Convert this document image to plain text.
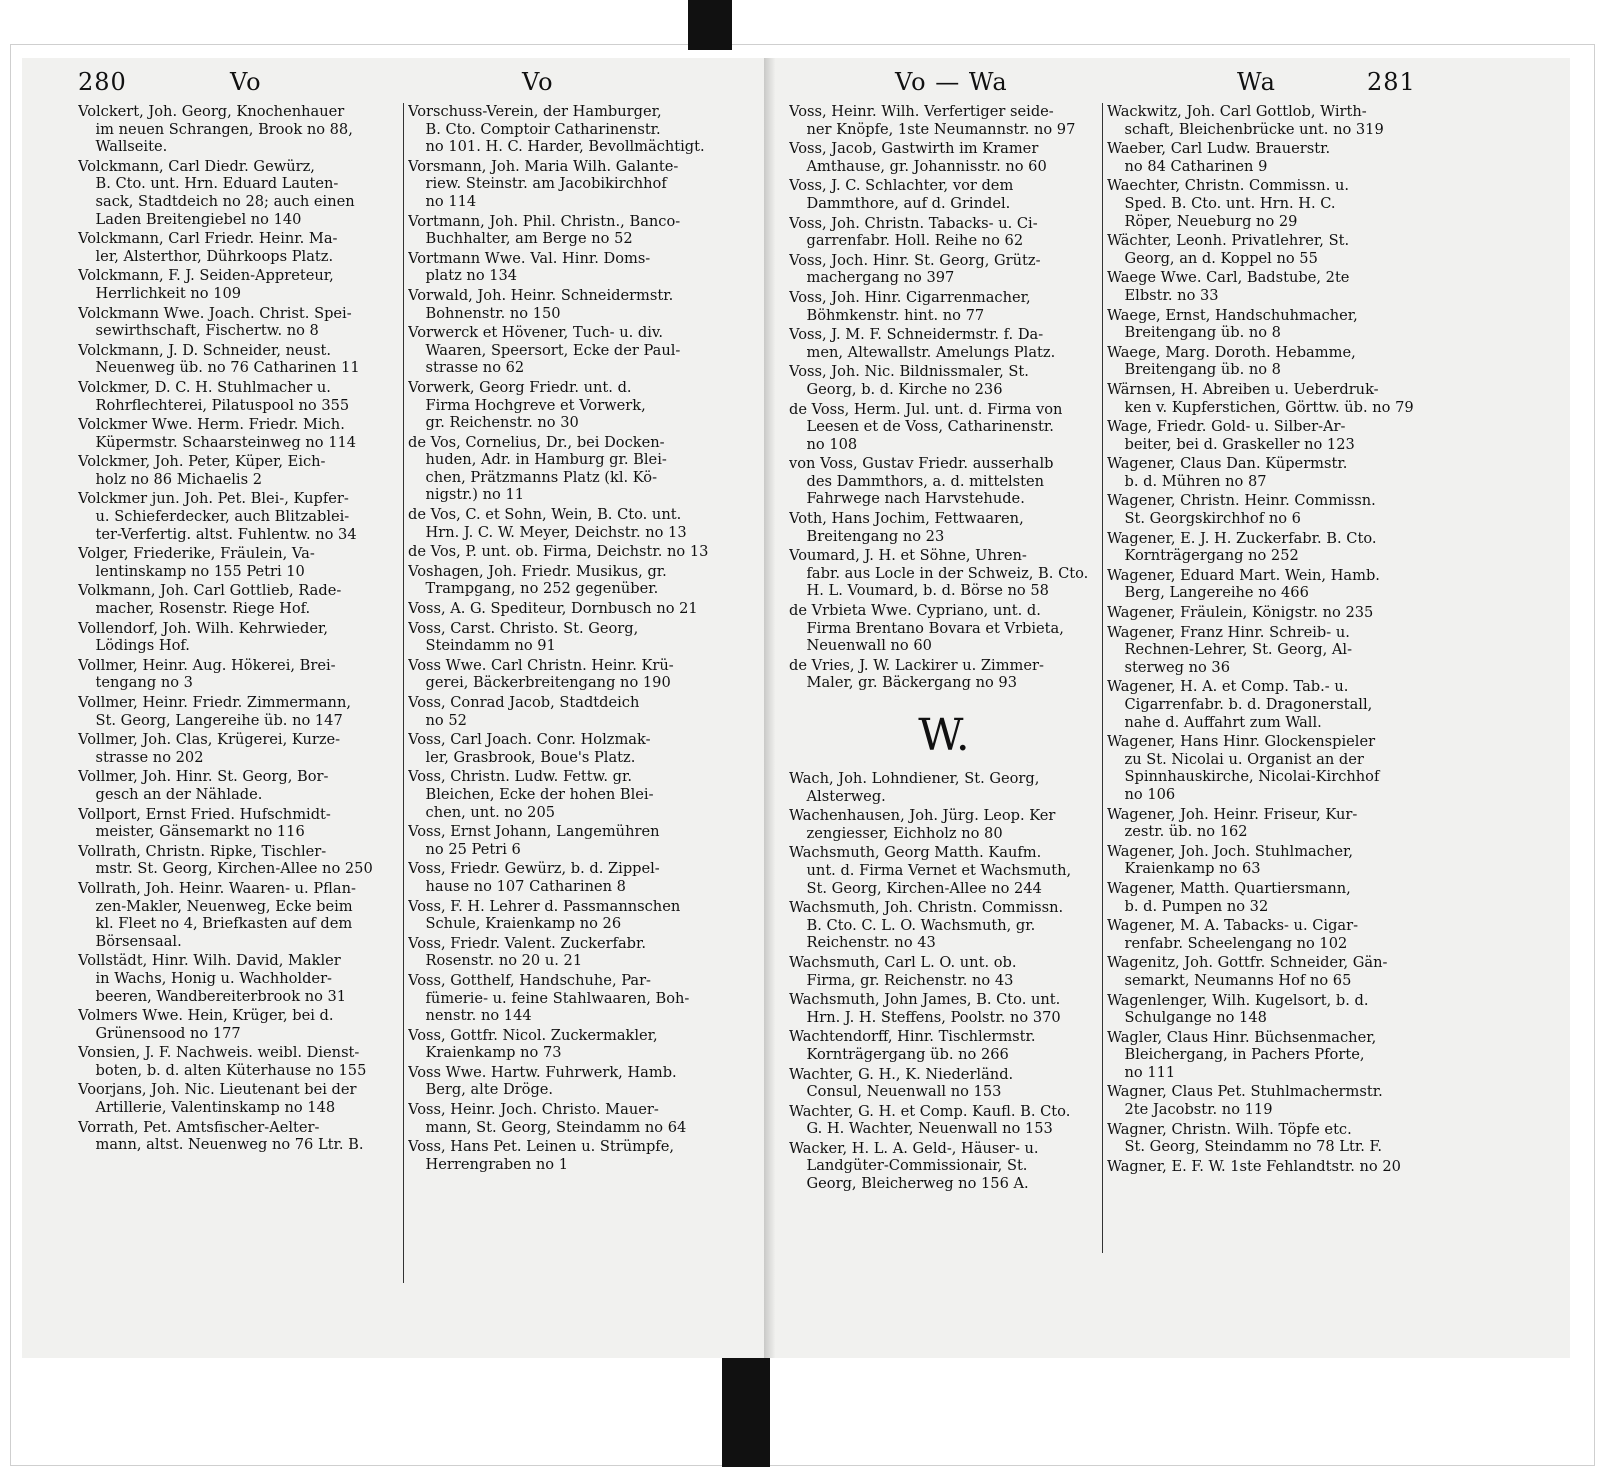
280	Vo	Vo
Volckert, Joh. Georg, Knochenhauer
im neuen Schrangen, Brook no 88,
Wallseite.
Volckmann, Carl Diedr. Gewürz,
B. Cto. unt. Hrn. Eduard Lauten-
sack, Stadtdeich no 28; auch einen
Laden Breitengiebel no 140
Volckmann, Carl Friedr. Heinr. Ma-
ler, Alsterthor, Dührkoops Platz.
Volckmann, F. J. Seiden-Appreteur,
Herrlichkeit no 109
Volckmann Wwe. Joach. Christ. Spei-
sewirthschaft, Fischertw. no 8
Volckmann, J. D. Schneider, neust.
Neuenweg üb. no 76 Catharinen 11
Volckmer, D. C. H. Stuhlmacher u.
Rohrflechterei, Pilatuspool no 355
Volckmer Wwe. Herm. Friedr. Mich.
Küpermstr. Schaarsteinweg no 114
Volckmer, Joh. Peter, Küper, Eich-
holz no 86 Michaelis 2
Volckmer jun. Joh. Pet. Blei-, Kupfer-
u. Schieferdecker, auch Blitzablei-
ter-Verfertig. altst. Fuhlentw. no 34
Volger, Friederike, Fräulein, Va-
lentinskamp no 155 Petri 10
Volkmann, Joh. Carl Gottlieb, Rade-
macher, Rosenstr. Riege Hof.
Vollendorf, Joh. Wilh. Kehrwieder,
Lödings Hof.
Vollmer, Heinr. Aug. Hökerei, Brei-
tengang no 3
Vollmer, Heinr. Friedr. Zimmermann,
St. Georg, Langereihe üb. no 147
Vollmer, Joh. Clas, Krügerei, Kurze-
strasse no 202
Vollmer, Joh. Hinr. St. Georg, Bor-
gesch an der Nählade.
Vollport, Ernst Fried. Hufschmidt-
meister, Gänsemarkt no 116
Vollrath, Christn. Ripke, Tischler-
mstr. St. Georg, Kirchen-Allee no 250
Vollrath, Joh. Heinr. Waaren- u. Pflan-
zen-Makler, Neuenweg, Ecke beim
kl. Fleet no 4, Briefkasten auf dem
Börsensaal.
Vollstädt, Hinr. Wilh. David, Makler
in Wachs, Honig u. Wachholder-
beeren, Wandbereiterbrook no 31
Volmers Wwe. Hein, Krüger, bei d.
Grünensood no 177
Vonsien, J. F. Nachweis. weibl. Dienst-
boten, b. d. alten Küterhause no 155
Voorjans, Joh. Nic. Lieutenant bei der
Artillerie, Valentinskamp no 148
Vorrath, Pet. Amtsfischer-Aelter-
mann, altst. Neuenweg no 76 Ltr. B.
Vorschuss-Verein, der Hamburger,
B. Cto. Comptoir Catharinenstr.
no 101. H. C. Harder, Bevollmächtigt.
Vorsmann, Joh. Maria Wilh. Galante-
riew. Steinstr. am Jacobikirchhof
no 114
Vortmann, Joh. Phil. Christn., Banco-
Buchhalter, am Berge no 52
Vortmann Wwe. Val. Hinr. Doms-
platz no 134
Vorwald, Joh. Heinr. Schneidermstr.
Bohnenstr. no 150
Vorwerck et Hövener, Tuch- u. div.
Waaren, Speersort, Ecke der Paul-
strasse no 62
Vorwerk, Georg Friedr. unt. d.
Firma Hochgreve et Vorwerk,
gr. Reichenstr. no 30
de Vos, Cornelius, Dr., bei Docken-
huden, Adr. in Hamburg gr. Blei-
chen, Prätzmanns Platz (kl. Kö-
nigstr.) no 11
de Vos, C. et Sohn, Wein, B. Cto. unt.
Hrn. J. C. W. Meyer, Deichstr. no 13
de Vos, P. unt. ob. Firma, Deichstr. no 13
Voshagen, Joh. Friedr. Musikus, gr.
Trampgang, no 252 gegenüber.
Voss, A. G. Spediteur, Dornbusch no 21
Voss, Carst. Christo. St. Georg,
Steindamm no 91
Voss Wwe. Carl Christn. Heinr. Krü-
gerei, Bäckerbreitengang no 190
Voss, Conrad Jacob, Stadtdeich
no 52
Voss, Carl Joach. Conr. Holzmak-
ler, Grasbrook, Boue's Platz.
Voss, Christn. Ludw. Fettw. gr.
Bleichen, Ecke der hohen Blei-
chen, unt. no 205
Voss, Ernst Johann, Langemühren
no 25 Petri 6
Voss, Friedr. Gewürz, b. d. Zippel-
hause no 107 Catharinen 8
Voss, F. H. Lehrer d. Passmannschen
Schule, Kraienkamp no 26
Voss, Friedr. Valent. Zuckerfabr.
Rosenstr. no 20 u. 21
Voss, Gotthelf, Handschuhe, Par-
fümerie- u. feine Stahlwaaren, Boh-
nenstr. no 144
Voss, Gottfr. Nicol. Zuckermakler,
Kraienkamp no 73
Voss Wwe. Hartw. Fuhrwerk, Hamb.
Berg, alte Dröge.
Voss, Heinr. Joch. Christo. Mauer-
mann, St. Georg, Steindamm no 64
Voss, Hans Pet. Leinen u. Strümpfe,
Herrengraben no 1
Vo — Wa	Wa	281
Voss, Heinr. Wilh. Verfertiger seide-
ner Knöpfe, 1ste Neumannstr. no 97
Voss, Jacob, Gastwirth im Kramer
Amthause, gr. Johannisstr. no 60
Voss, J. C. Schlachter, vor dem
Dammthore, auf d. Grindel.
Voss, Joh. Christn. Tabacks- u. Ci-
garrenfabr. Holl. Reihe no 62
Voss, Joch. Hinr. St. Georg, Grütz-
machergang no 397
Voss, Joh. Hinr. Cigarrenmacher,
Böhmkenstr. hint. no 77
Voss, J. M. F. Schneidermstr. f. Da-
men, Altewallstr. Amelungs Platz.
Voss, Joh. Nic. Bildnissmaler, St.
Georg, b. d. Kirche no 236
de Voss, Herm. Jul. unt. d. Firma von
Leesen et de Voss, Catharinenstr.
no 108
von Voss, Gustav Friedr. ausserhalb
des Dammthors, a. d. mittelsten
Fahrwege nach Harvstehude.
Voth, Hans Jochim, Fettwaaren,
Breitengang no 23
Voumard, J. H. et Söhne, Uhren-
fabr. aus Locle in der Schweiz, B. Cto.
H. L. Voumard, b. d. Börse no 58
de Vrbieta Wwe. Cypriano, unt. d.
Firma Brentano Bovara et Vrbieta,
Neuenwall no 60
de Vries, J. W. Lackirer u. Zimmer-
Maler, gr. Bäckergang no 93
W.
Wach, Joh. Lohndiener, St. Georg,
Alsterweg.
Wachenhausen, Joh. Jürg. Leop. Ker
zengiesser, Eichholz no 80
Wachsmuth, Georg Matth. Kaufm.
unt. d. Firma Vernet et Wachsmuth,
St. Georg, Kirchen-Allee no 244
Wachsmuth, Joh. Christn. Commissn.
B. Cto. C. L. O. Wachsmuth, gr.
Reichenstr. no 43
Wachsmuth, Carl L. O. unt. ob.
Firma, gr. Reichenstr. no 43
Wachsmuth, John James, B. Cto. unt.
Hrn. J. H. Steffens, Poolstr. no 370
Wachtendorff, Hinr. Tischlermstr.
Kornträgergang üb. no 266
Wachter, G. H., K. Niederländ.
Consul, Neuenwall no 153
Wachter, G. H. et Comp. Kaufl. B. Cto.
G. H. Wachter, Neuenwall no 153
Wacker, H. L. A. Geld-, Häuser- u.
Landgüter-Commissionair, St.
Georg, Bleicherweg no 156 A.
Wackwitz, Joh. Carl Gottlob, Wirth-
schaft, Bleichenbrücke unt. no 319
Waeber, Carl Ludw. Brauerstr.
no 84 Catharinen 9
Waechter, Christn. Commissn. u.
Sped. B. Cto. unt. Hrn. H. C.
Röper, Neueburg no 29
Wächter, Leonh. Privatlehrer, St.
Georg, an d. Koppel no 55
Waege Wwe. Carl, Badstube, 2te
Elbstr. no 33
Waege, Ernst, Handschuhmacher,
Breitengang üb. no 8
Waege, Marg. Doroth. Hebamme,
Breitengang üb. no 8
Wärnsen, H. Abreiben u. Ueberdruk-
ken v. Kupferstichen, Görttw. üb. no 79
Wage, Friedr. Gold- u. Silber-Ar-
beiter, bei d. Graskeller no 123
Wagener, Claus Dan. Küpermstr.
b. d. Mühren no 87
Wagener, Christn. Heinr. Commissn.
St. Georgskirchhof no 6
Wagener, E. J. H. Zuckerfabr. B. Cto.
Kornträgergang no 252
Wagener, Eduard Mart. Wein, Hamb.
Berg, Langereihe no 466
Wagener, Fräulein, Königstr. no 235
Wagener, Franz Hinr. Schreib- u.
Rechnen-Lehrer, St. Georg, Al-
sterweg no 36
Wagener, H. A. et Comp. Tab.- u.
Cigarrenfabr. b. d. Dragonerstall,
nahe d. Auffahrt zum Wall.
Wagener, Hans Hinr. Glockenspieler
zu St. Nicolai u. Organist an der
Spinnhauskirche, Nicolai-Kirchhof
no 106
Wagener, Joh. Heinr. Friseur, Kur-
zestr. üb. no 162
Wagener, Joh. Joch. Stuhlmacher,
Kraienkamp no 63
Wagener, Matth. Quartiersmann,
b. d. Pumpen no 32
Wagener, M. A. Tabacks- u. Cigar-
renfabr. Scheelengang no 102
Wagenitz, Joh. Gottfr. Schneider, Gän-
semarkt, Neumanns Hof no 65
Wagenlenger, Wilh. Kugelsort, b. d.
Schulgange no 148
Wagler, Claus Hinr. Büchsenmacher,
Bleichergang, in Pachers Pforte,
no 111
Wagner, Claus Pet. Stuhlmachermstr.
2te Jacobstr. no 119
Wagner, Christn. Wilh. Töpfe etc.
St. Georg, Steindamm no 78 Ltr. F.
Wagner, E. F. W. 1ste Fehlandtstr. no 20
